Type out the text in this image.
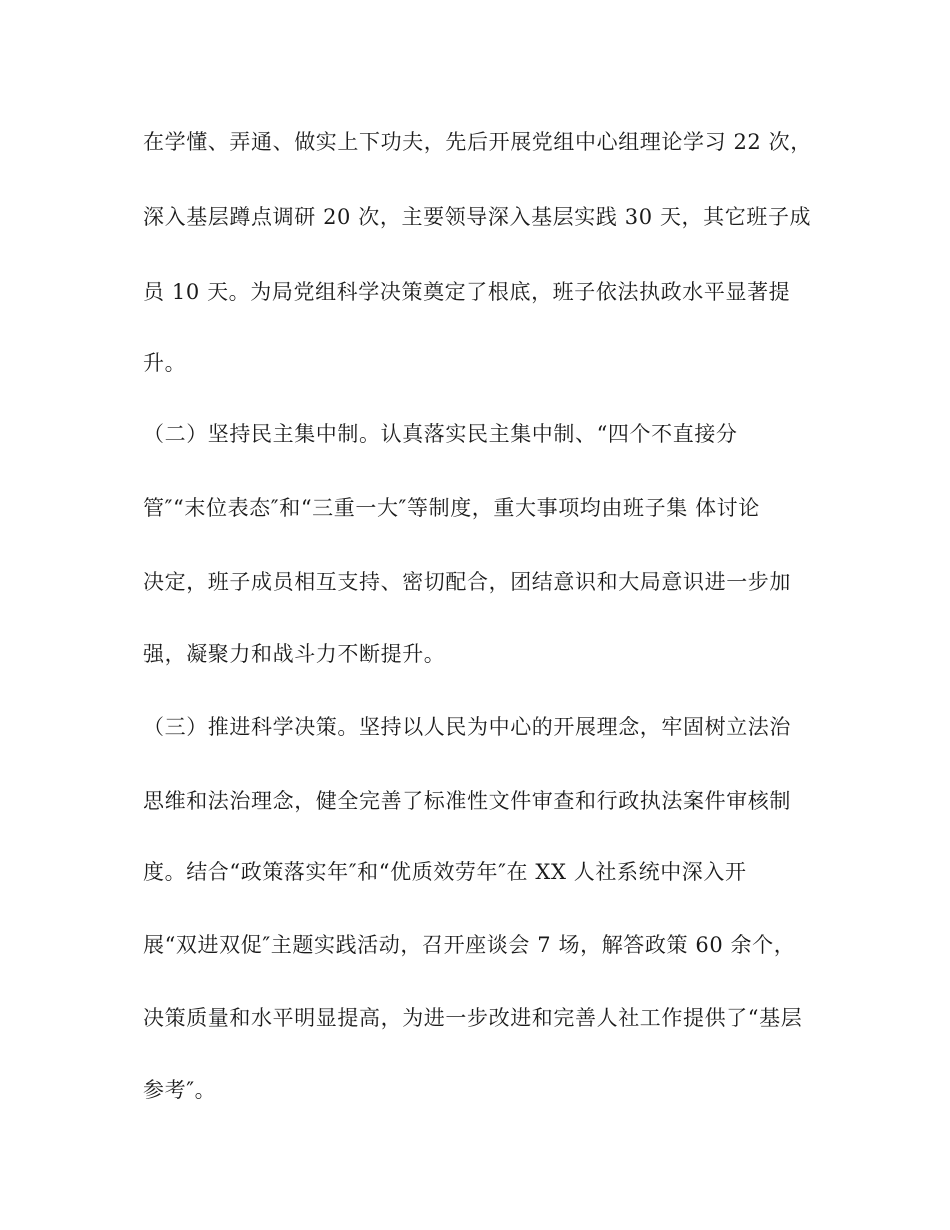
在学懂、弄通、做实上下功夫，先后开展党组中心组理论学习 22 次，
深入基层蹲点调研 20 次，主要领导深入基层实践 30 天，其它班子成
员 10 天。为局党组科学决策奠定了根底，班子依法执政水平显著提
升。
（二）坚持民主集中制。认真落实民主集中制、“四个不直接分
管″“末位表态″和“三重一大″等制度，重大事项均由班子集 体讨论
决定，班子成员相互支持、密切配合，团结意识和大局意识进一步加
强，凝聚力和战斗力不断提升。
（三）推进科学决策。坚持以人民为中心的开展理念，牢固树立法治
思维和法治理念，健全完善了标准性文件审查和行政执法案件审核制
度。结合“政策落实年″和“优质效劳年″在 XX 人社系统中深入开
展“双进双促″主题实践活动，召开座谈会 7 场，解答政策 60 余个，
决策质量和水平明显提高，为进一步改进和完善人社工作提供了“基层
参考″。
